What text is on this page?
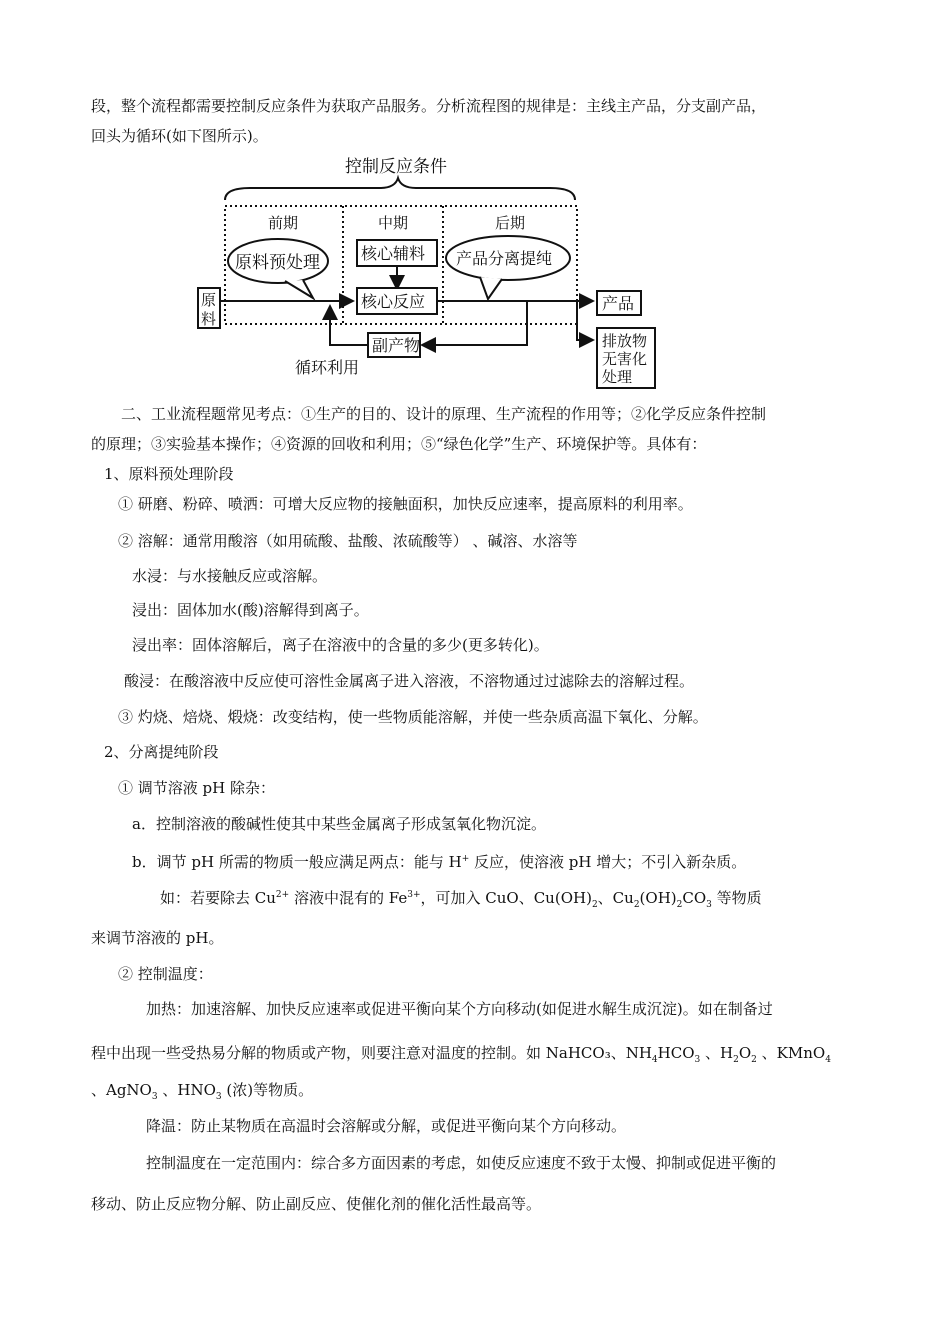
段，整个流程都需要控制反应条件为获取产品服务。分析流程图的规律是：主线主产品，分支副产品，
回头为循环(如下图所示)。
控制反应条件
前期	中期	后期
原料预处理	核心辅料 产品分离提纯
原
料
核心反应	产品
排放物
无害化
处理
副产物
循环利用
二、工业流程题常见考点：①生产的目的、设计的原理、生产流程的作用等；②化学反应条件控制
的原理；③实验基本操作；④资源的回收和利用；⑤“绿色化学”生产、环境保护等。具体有：
1、原料预处理阶段
① 研磨、粉碎、喷洒：可增大反应物的接触面积，加快反应速率，提高原料的利用率。
② 溶解：通常用酸溶（如用硫酸、盐酸、浓硫酸等） 、碱溶、水溶等
水浸：与水接触反应或溶解。
浸出：固体加水(酸)溶解得到离子。
浸出率：固体溶解后，离子在溶液中的含量的多少(更多转化)。
酸浸：在酸溶液中反应使可溶性金属离子进入溶液，不溶物通过过滤除去的溶解过程。
③ 灼烧、焙烧、煅烧：改变结构，使一些物质能溶解，并使一些杂质高温下氧化、分解。
2、分离提纯阶段
① 调节溶液 pH 除杂：
a．控制溶液的酸碱性使其中某些金属离子形成氢氧化物沉淀。
b．调节 pH 所需的物质一般应满足两点：能与 H+ 反应，使溶液 pH 增大；不引入新杂质。
如：若要除去 $Cu^{2+}$ 溶液中混有的 $Fe^{3+}$，可加入 CuO、$Cu(OH)_2$、$Cu_2(OH)_2CO_3$ 等物质
来调节溶液的 pH。
② 控制温度：
加热：加速溶解、加快反应速率或促进平衡向某个方向移动(如促进水解生成沉淀)。如在制备过
程中出现一些受热易分解的物质或产物，则要注意对温度的控制。如 NaHCO₃、$NH_4HCO_3$ 、$H_2O_2$ 、KMnO$_4$
、AgNO$_3$ 、$HNO_3$ (浓)等物质。
降温：防止某物质在高温时会溶解或分解，或促进平衡向某个方向移动。
控制温度在一定范围内：综合多方面因素的考虑，如使反应速度不致于太慢、抑制或促进平衡的
移动、防止反应物分解、防止副反应、使催化剂的催化活性最高等。
